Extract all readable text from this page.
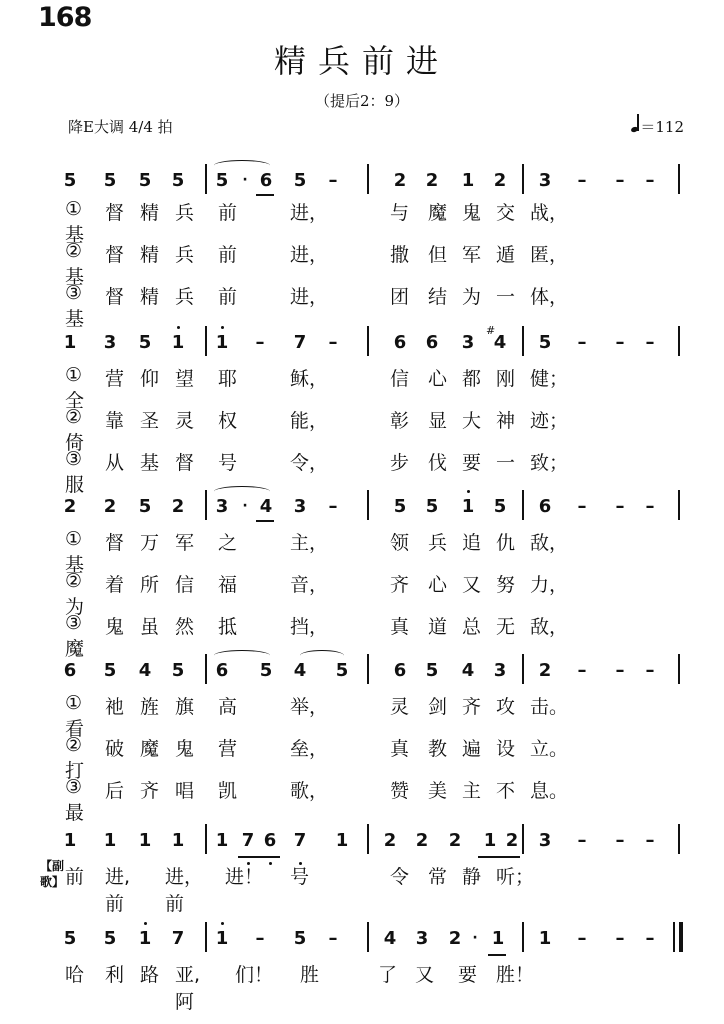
168
精兵前进
（提后2：9）
降E大调 4/4 拍	＝112
5 5 5 5 5	· 6 5	–	2 2 1 2 3	–	–	–
①基
督 精 兵 前	进，	与 魔 鬼 交 战，
②基
督 精 兵 前	进，	撒 但 军 遁 匿，
③基
督 精 兵 前	进，	团 结 为 一 体，
1 3 5 1 1	–	7	–	6 6 3 4
#
5	–	–	–
①全
营 仰 望 耶	稣，	信 心 都 刚 健；
②倚
靠 圣 灵 权	能，	彰 显 大 神 迹；
③服
从 基 督 号	令，	步 伐 要 一 致；
2 2 5 2 3	· 4 3	–	5 5 1 5 6	–	–	–
①基
督 万 军 之	主，	领 兵 追 仇 敌，
②为
着 所 信 福	音，	齐 心 又 努 力，
③魔
鬼 虽 然 抵	挡，	真 道 总 无 敌，
6 5 4 5 6 5 4 5	6 5 4 3 2	–	–	–
①看
祂 旌 旗 高	举，	灵 剑 齐 攻 击。
②打
破 魔 鬼 营	垒，	真 教 遍 设 立。
③最
后 齐 唱 凯	歌，	赞 美 主 不 息。
1 1 1 1 1 7 6 7 1 2 2 2 1 2 3	–	–	–
前 进,前
进，前
进！ 号	令 常 静 听；
5 5 1 7 1	–	5	–	4 3 2 · 1 1	–	–	–
哈 利 路 亚,阿
们！ 胜	了 又 要 胜！
【副歌】
